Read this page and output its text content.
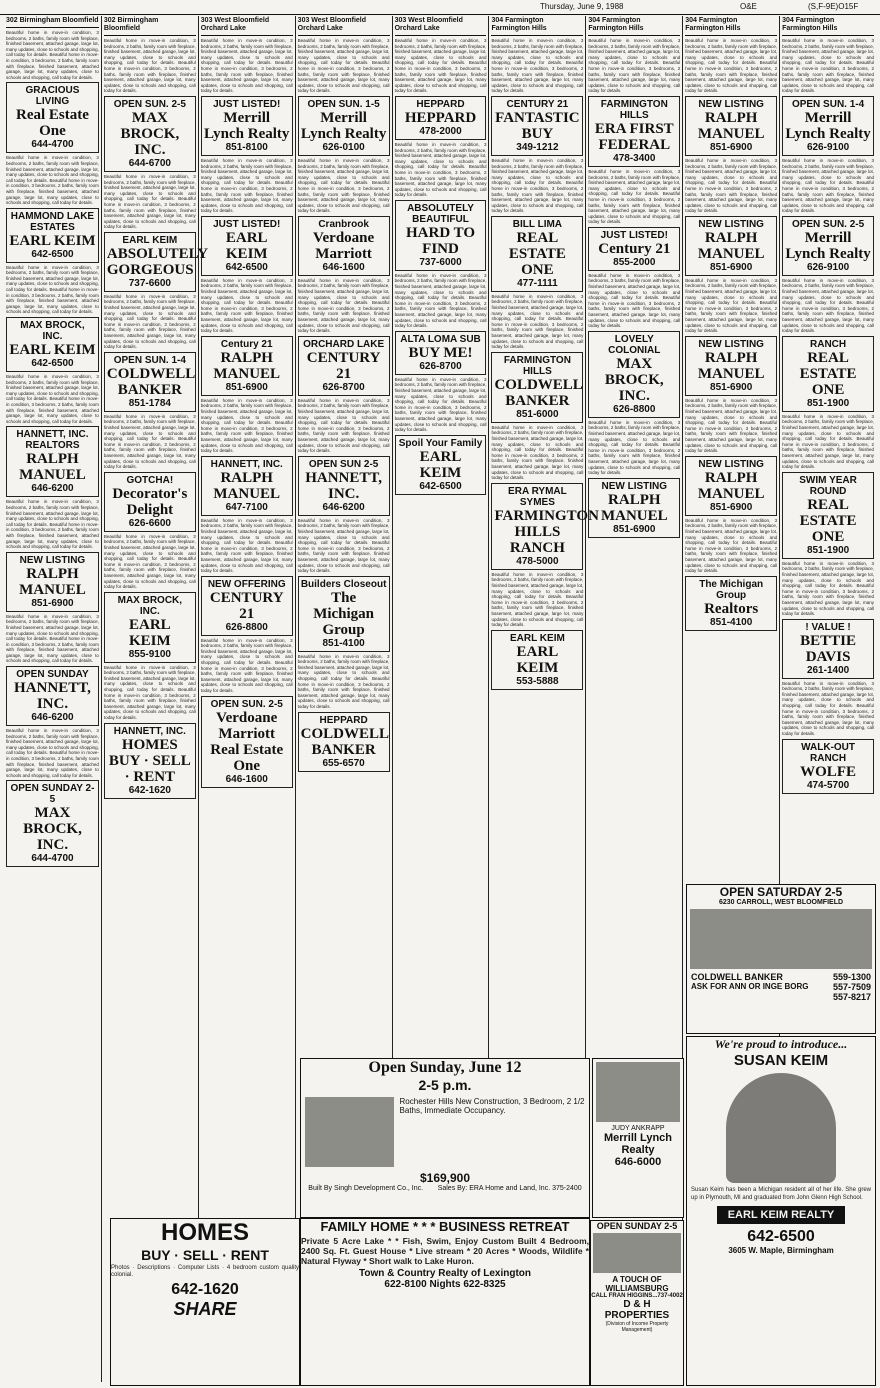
Thursday, June 9, 1988	O&E	(S,F-9E)O15F
302 Birmingham Bloomfield
Beautiful home in move-in condition, 3 bedrooms, 2 baths, family room with fireplace, finished basement, attached garage, large lot, many updates, close to schools and shopping, call today for details. Beautiful home in move-in condition, 3 bedrooms, 2 baths, family room with fireplace, finished basement, attached garage, large lot, many updates, close to schools and shopping, call today for details.
GRACIOUS LIVING
Real Estate One
644-4700
Beautiful home in move-in condition, 3 bedrooms, 2 baths, family room with fireplace, finished basement, attached garage, large lot, many updates, close to schools and shopping, call today for details. Beautiful home in move-in condition, 3 bedrooms, 2 baths, family room with fireplace, finished basement, attached garage, large lot, many updates, close to schools and shopping, call today for details.
HAMMOND LAKE ESTATES
EARL KEIM
642-6500
Beautiful home in move-in condition, 3 bedrooms, 2 baths, family room with fireplace, finished basement, attached garage, large lot, many updates, close to schools and shopping, call today for details. Beautiful home in move-in condition, 3 bedrooms, 2 baths, family room with fireplace, finished basement, attached garage, large lot, many updates, close to schools and shopping, call today for details.
MAX BROCK, INC.
EARL KEIM
642-6500
Beautiful home in move-in condition, 3 bedrooms, 2 baths, family room with fireplace, finished basement, attached garage, large lot, many updates, close to schools and shopping, call today for details. Beautiful home in move-in condition, 3 bedrooms, 2 baths, family room with fireplace, finished basement, attached garage, large lot, many updates, close to schools and shopping, call today for details.
HANNETT, INC. REALTORS
RALPH MANUEL
646-6200
Beautiful home in move-in condition, 3 bedrooms, 2 baths, family room with fireplace, finished basement, attached garage, large lot, many updates, close to schools and shopping, call today for details. Beautiful home in move-in condition, 3 bedrooms, 2 baths, family room with fireplace, finished basement, attached garage, large lot, many updates, close to schools and shopping, call today for details.
NEW LISTING
RALPH MANUEL
851-6900
Beautiful home in move-in condition, 3 bedrooms, 2 baths, family room with fireplace, finished basement, attached garage, large lot, many updates, close to schools and shopping, call today for details. Beautiful home in move-in condition, 3 bedrooms, 2 baths, family room with fireplace, finished basement, attached garage, large lot, many updates, close to schools and shopping, call today for details.
OPEN SUNDAY
HANNETT, INC.
646-6200
Beautiful home in move-in condition, 3 bedrooms, 2 baths, family room with fireplace, finished basement, attached garage, large lot, many updates, close to schools and shopping, call today for details. Beautiful home in move-in condition, 3 bedrooms, 2 baths, family room with fireplace, finished basement, attached garage, large lot, many updates, close to schools and shopping, call today for details.
OPEN SUNDAY 2-5
MAX BROCK, INC.
644-4700
302 Birmingham Bloomfield
Beautiful home in move-in condition, 3 bedrooms, 2 baths, family room with fireplace, finished basement, attached garage, large lot, many updates, close to schools and shopping, call today for details. Beautiful home in move-in condition, 3 bedrooms, 2 baths, family room with fireplace, finished basement, attached garage, large lot, many updates, close to schools and shopping, call today for details.
OPEN SUN. 2-5
MAX BROCK, INC.
644-6700
Beautiful home in move-in condition, 3 bedrooms, 2 baths, family room with fireplace, finished basement, attached garage, large lot, many updates, close to schools and shopping, call today for details. Beautiful home in move-in condition, 3 bedrooms, 2 baths, family room with fireplace, finished basement, attached garage, large lot, many updates, close to schools and shopping, call today for details.
EARL KEIM
ABSOLUTELY GORGEOUS
737-6600
Beautiful home in move-in condition, 3 bedrooms, 2 baths, family room with fireplace, finished basement, attached garage, large lot, many updates, close to schools and shopping, call today for details. Beautiful home in move-in condition, 3 bedrooms, 2 baths, family room with fireplace, finished basement, attached garage, large lot, many updates, close to schools and shopping, call today for details.
OPEN SUN. 1-4
COLDWELL BANKER
851-1784
Beautiful home in move-in condition, 3 bedrooms, 2 baths, family room with fireplace, finished basement, attached garage, large lot, many updates, close to schools and shopping, call today for details. Beautiful home in move-in condition, 3 bedrooms, 2 baths, family room with fireplace, finished basement, attached garage, large lot, many updates, close to schools and shopping, call today for details.
GOTCHA!
Decorator's Delight
626-6600
Beautiful home in move-in condition, 3 bedrooms, 2 baths, family room with fireplace, finished basement, attached garage, large lot, many updates, close to schools and shopping, call today for details. Beautiful home in move-in condition, 3 bedrooms, 2 baths, family room with fireplace, finished basement, attached garage, large lot, many updates, close to schools and shopping, call today for details.
MAX BROCK, INC.
EARL KEIM
855-9100
Beautiful home in move-in condition, 3 bedrooms, 2 baths, family room with fireplace, finished basement, attached garage, large lot, many updates, close to schools and shopping, call today for details. Beautiful home in move-in condition, 3 bedrooms, 2 baths, family room with fireplace, finished basement, attached garage, large lot, many updates, close to schools and shopping, call today for details.
HANNETT, INC.
HOMES BUY · SELL · RENT
642-1620
303 West Bloomfield Orchard Lake
Beautiful home in move-in condition, 3 bedrooms, 2 baths, family room with fireplace, finished basement, attached garage, large lot, many updates, close to schools and shopping, call today for details. Beautiful home in move-in condition, 3 bedrooms, 2 baths, family room with fireplace, finished basement, attached garage, large lot, many updates, close to schools and shopping, call today for details.
JUST LISTED!
Merrill Lynch Realty
851-8100
Beautiful home in move-in condition, 3 bedrooms, 2 baths, family room with fireplace, finished basement, attached garage, large lot, many updates, close to schools and shopping, call today for details. Beautiful home in move-in condition, 3 bedrooms, 2 baths, family room with fireplace, finished basement, attached garage, large lot, many updates, close to schools and shopping, call today for details.
JUST LISTED!
EARL KEIM
642-6500
Beautiful home in move-in condition, 3 bedrooms, 2 baths, family room with fireplace, finished basement, attached garage, large lot, many updates, close to schools and shopping, call today for details. Beautiful home in move-in condition, 3 bedrooms, 2 baths, family room with fireplace, finished basement, attached garage, large lot, many updates, close to schools and shopping, call today for details.
Century 21
RALPH MANUEL
851-6900
Beautiful home in move-in condition, 3 bedrooms, 2 baths, family room with fireplace, finished basement, attached garage, large lot, many updates, close to schools and shopping, call today for details. Beautiful home in move-in condition, 3 bedrooms, 2 baths, family room with fireplace, finished basement, attached garage, large lot, many updates, close to schools and shopping, call today for details.
HANNETT, INC.
RALPH MANUEL
647-7100
Beautiful home in move-in condition, 3 bedrooms, 2 baths, family room with fireplace, finished basement, attached garage, large lot, many updates, close to schools and shopping, call today for details. Beautiful home in move-in condition, 3 bedrooms, 2 baths, family room with fireplace, finished basement, attached garage, large lot, many updates, close to schools and shopping, call today for details.
NEW OFFERING
CENTURY 21
626-8800
Beautiful home in move-in condition, 3 bedrooms, 2 baths, family room with fireplace, finished basement, attached garage, large lot, many updates, close to schools and shopping, call today for details. Beautiful home in move-in condition, 3 bedrooms, 2 baths, family room with fireplace, finished basement, attached garage, large lot, many updates, close to schools and shopping, call today for details.
OPEN SUN. 2-5
Verdoane Marriott Real Estate One
646-1600
303 West Bloomfield Orchard Lake
Beautiful home in move-in condition, 3 bedrooms, 2 baths, family room with fireplace, finished basement, attached garage, large lot, many updates, close to schools and shopping, call today for details. Beautiful home in move-in condition, 3 bedrooms, 2 baths, family room with fireplace, finished basement, attached garage, large lot, many updates, close to schools and shopping, call today for details.
OPEN SUN. 1-5
Merrill Lynch Realty
626-0100
Beautiful home in move-in condition, 3 bedrooms, 2 baths, family room with fireplace, finished basement, attached garage, large lot, many updates, close to schools and shopping, call today for details. Beautiful home in move-in condition, 3 bedrooms, 2 baths, family room with fireplace, finished basement, attached garage, large lot, many updates, close to schools and shopping, call today for details.
Cranbrook
Verdoane Marriott
646-1600
Beautiful home in move-in condition, 3 bedrooms, 2 baths, family room with fireplace, finished basement, attached garage, large lot, many updates, close to schools and shopping, call today for details. Beautiful home in move-in condition, 3 bedrooms, 2 baths, family room with fireplace, finished basement, attached garage, large lot, many updates, close to schools and shopping, call today for details.
ORCHARD LAKE
CENTURY 21
626-8700
Beautiful home in move-in condition, 3 bedrooms, 2 baths, family room with fireplace, finished basement, attached garage, large lot, many updates, close to schools and shopping, call today for details. Beautiful home in move-in condition, 3 bedrooms, 2 baths, family room with fireplace, finished basement, attached garage, large lot, many updates, close to schools and shopping, call today for details.
OPEN SUN 2-5
HANNETT, INC.
646-6200
Beautiful home in move-in condition, 3 bedrooms, 2 baths, family room with fireplace, finished basement, attached garage, large lot, many updates, close to schools and shopping, call today for details. Beautiful home in move-in condition, 3 bedrooms, 2 baths, family room with fireplace, finished basement, attached garage, large lot, many updates, close to schools and shopping, call today for details.
Builders Closeout
The Michigan Group
851-4100
Beautiful home in move-in condition, 3 bedrooms, 2 baths, family room with fireplace, finished basement, attached garage, large lot, many updates, close to schools and shopping, call today for details. Beautiful home in move-in condition, 3 bedrooms, 2 baths, family room with fireplace, finished basement, attached garage, large lot, many updates, close to schools and shopping, call today for details.
HEPPARD
COLDWELL BANKER
655-6570
303 West Bloomfield Orchard Lake
Beautiful home in move-in condition, 3 bedrooms, 2 baths, family room with fireplace, finished basement, attached garage, large lot, many updates, close to schools and shopping, call today for details. Beautiful home in move-in condition, 3 bedrooms, 2 baths, family room with fireplace, finished basement, attached garage, large lot, many updates, close to schools and shopping, call today for details.
HEPPARD
HEPPARD
478-2000
Beautiful home in move-in condition, 3 bedrooms, 2 baths, family room with fireplace, finished basement, attached garage, large lot, many updates, close to schools and shopping, call today for details. Beautiful home in move-in condition, 3 bedrooms, 2 baths, family room with fireplace, finished basement, attached garage, large lot, many updates, close to schools and shopping, call today for details.
ABSOLUTELY BEAUTIFUL
HARD TO FIND
737-6000
Beautiful home in move-in condition, 3 bedrooms, 2 baths, family room with fireplace, finished basement, attached garage, large lot, many updates, close to schools and shopping, call today for details. Beautiful home in move-in condition, 3 bedrooms, 2 baths, family room with fireplace, finished basement, attached garage, large lot, many updates, close to schools and shopping, call today for details.
ALTA LOMA SUB
BUY ME!
626-8700
Beautiful home in move-in condition, 3 bedrooms, 2 baths, family room with fireplace, finished basement, attached garage, large lot, many updates, close to schools and shopping, call today for details. Beautiful home in move-in condition, 3 bedrooms, 2 baths, family room with fireplace, finished basement, attached garage, large lot, many updates, close to schools and shopping, call today for details.
Spoil Your Family
EARL KEIM
642-6500
304 Farmington Farmington Hills
Beautiful home in move-in condition, 3 bedrooms, 2 baths, family room with fireplace, finished basement, attached garage, large lot, many updates, close to schools and shopping, call today for details. Beautiful home in move-in condition, 3 bedrooms, 2 baths, family room with fireplace, finished basement, attached garage, large lot, many updates, close to schools and shopping, call today for details.
CENTURY 21
FANTASTIC BUY
349-1212
Beautiful home in move-in condition, 3 bedrooms, 2 baths, family room with fireplace, finished basement, attached garage, large lot, many updates, close to schools and shopping, call today for details. Beautiful home in move-in condition, 3 bedrooms, 2 baths, family room with fireplace, finished basement, attached garage, large lot, many updates, close to schools and shopping, call today for details.
BILL LIMA
REAL ESTATE ONE
477-1111
Beautiful home in move-in condition, 3 bedrooms, 2 baths, family room with fireplace, finished basement, attached garage, large lot, many updates, close to schools and shopping, call today for details. Beautiful home in move-in condition, 3 bedrooms, 2 baths, family room with fireplace, finished basement, attached garage, large lot, many updates, close to schools and shopping, call today for details.
FARMINGTON HILLS
COLDWELL BANKER
851-6000
Beautiful home in move-in condition, 3 bedrooms, 2 baths, family room with fireplace, finished basement, attached garage, large lot, many updates, close to schools and shopping, call today for details. Beautiful home in move-in condition, 3 bedrooms, 2 baths, family room with fireplace, finished basement, attached garage, large lot, many updates, close to schools and shopping, call today for details.
ERA RYMAL SYMES
FARMINGTON HILLS RANCH
478-5000
Beautiful home in move-in condition, 3 bedrooms, 2 baths, family room with fireplace, finished basement, attached garage, large lot, many updates, close to schools and shopping, call today for details. Beautiful home in move-in condition, 3 bedrooms, 2 baths, family room with fireplace, finished basement, attached garage, large lot, many updates, close to schools and shopping, call today for details.
EARL KEIM
EARL KEIM
553-5888
304 Farmington Farmington Hills
Beautiful home in move-in condition, 3 bedrooms, 2 baths, family room with fireplace, finished basement, attached garage, large lot, many updates, close to schools and shopping, call today for details. Beautiful home in move-in condition, 3 bedrooms, 2 baths, family room with fireplace, finished basement, attached garage, large lot, many updates, close to schools and shopping, call today for details.
FARMINGTON HILLS
ERA FIRST FEDERAL
478-3400
Beautiful home in move-in condition, 3 bedrooms, 2 baths, family room with fireplace, finished basement, attached garage, large lot, many updates, close to schools and shopping, call today for details. Beautiful home in move-in condition, 3 bedrooms, 2 baths, family room with fireplace, finished basement, attached garage, large lot, many updates, close to schools and shopping, call today for details.
JUST LISTED!
Century 21
855-2000
Beautiful home in move-in condition, 3 bedrooms, 2 baths, family room with fireplace, finished basement, attached garage, large lot, many updates, close to schools and shopping, call today for details. Beautiful home in move-in condition, 3 bedrooms, 2 baths, family room with fireplace, finished basement, attached garage, large lot, many updates, close to schools and shopping, call today for details.
LOVELY COLONIAL
MAX BROCK, INC.
626-8800
Beautiful home in move-in condition, 3 bedrooms, 2 baths, family room with fireplace, finished basement, attached garage, large lot, many updates, close to schools and shopping, call today for details. Beautiful home in move-in condition, 3 bedrooms, 2 baths, family room with fireplace, finished basement, attached garage, large lot, many updates, close to schools and shopping, call today for details.
NEW LISTING
RALPH MANUEL
851-6900
304 Farmington Farmington Hills
Beautiful home in move-in condition, 3 bedrooms, 2 baths, family room with fireplace, finished basement, attached garage, large lot, many updates, close to schools and shopping, call today for details. Beautiful home in move-in condition, 3 bedrooms, 2 baths, family room with fireplace, finished basement, attached garage, large lot, many updates, close to schools and shopping, call today for details.
NEW LISTING
RALPH MANUEL
851-6900
Beautiful home in move-in condition, 3 bedrooms, 2 baths, family room with fireplace, finished basement, attached garage, large lot, many updates, close to schools and shopping, call today for details. Beautiful home in move-in condition, 3 bedrooms, 2 baths, family room with fireplace, finished basement, attached garage, large lot, many updates, close to schools and shopping, call today for details.
NEW LISTING
RALPH MANUEL
851-6900
Beautiful home in move-in condition, 3 bedrooms, 2 baths, family room with fireplace, finished basement, attached garage, large lot, many updates, close to schools and shopping, call today for details. Beautiful home in move-in condition, 3 bedrooms, 2 baths, family room with fireplace, finished basement, attached garage, large lot, many updates, close to schools and shopping, call today for details.
NEW LISTING
RALPH MANUEL
851-6900
Beautiful home in move-in condition, 3 bedrooms, 2 baths, family room with fireplace, finished basement, attached garage, large lot, many updates, close to schools and shopping, call today for details. Beautiful home in move-in condition, 3 bedrooms, 2 baths, family room with fireplace, finished basement, attached garage, large lot, many updates, close to schools and shopping, call today for details.
NEW LISTING
RALPH MANUEL
851-6900
Beautiful home in move-in condition, 3 bedrooms, 2 baths, family room with fireplace, finished basement, attached garage, large lot, many updates, close to schools and shopping, call today for details. Beautiful home in move-in condition, 3 bedrooms, 2 baths, family room with fireplace, finished basement, attached garage, large lot, many updates, close to schools and shopping, call today for details.
The Michigan Group
Realtors
851-4100
304 Farmington Farmington Hills
Beautiful home in move-in condition, 3 bedrooms, 2 baths, family room with fireplace, finished basement, attached garage, large lot, many updates, close to schools and shopping, call today for details. Beautiful home in move-in condition, 3 bedrooms, 2 baths, family room with fireplace, finished basement, attached garage, large lot, many updates, close to schools and shopping, call today for details.
OPEN SUN. 1-4
Merrill Lynch Realty
626-9100
Beautiful home in move-in condition, 3 bedrooms, 2 baths, family room with fireplace, finished basement, attached garage, large lot, many updates, close to schools and shopping, call today for details. Beautiful home in move-in condition, 3 bedrooms, 2 baths, family room with fireplace, finished basement, attached garage, large lot, many updates, close to schools and shopping, call today for details.
OPEN SUN. 2-5
Merrill Lynch Realty
626-9100
Beautiful home in move-in condition, 3 bedrooms, 2 baths, family room with fireplace, finished basement, attached garage, large lot, many updates, close to schools and shopping, call today for details. Beautiful home in move-in condition, 3 bedrooms, 2 baths, family room with fireplace, finished basement, attached garage, large lot, many updates, close to schools and shopping, call today for details.
RANCH
REAL ESTATE ONE
851-1900
Beautiful home in move-in condition, 3 bedrooms, 2 baths, family room with fireplace, finished basement, attached garage, large lot, many updates, close to schools and shopping, call today for details. Beautiful home in move-in condition, 3 bedrooms, 2 baths, family room with fireplace, finished basement, attached garage, large lot, many updates, close to schools and shopping, call today for details.
SWIM YEAR ROUND
REAL ESTATE ONE
851-1900
Beautiful home in move-in condition, 3 bedrooms, 2 baths, family room with fireplace, finished basement, attached garage, large lot, many updates, close to schools and shopping, call today for details. Beautiful home in move-in condition, 3 bedrooms, 2 baths, family room with fireplace, finished basement, attached garage, large lot, many updates, close to schools and shopping, call today for details.
! VALUE !
BETTIE DAVIS
261-1400
Beautiful home in move-in condition, 3 bedrooms, 2 baths, family room with fireplace, finished basement, attached garage, large lot, many updates, close to schools and shopping, call today for details. Beautiful home in move-in condition, 3 bedrooms, 2 baths, family room with fireplace, finished basement, attached garage, large lot, many updates, close to schools and shopping, call today for details.
WALK-OUT RANCH
WOLFE
474-5700
Open Sunday, June 12
2-5 p.m.
Rochester Hills New Construction, 3 Bedroom, 2 1/2 Baths, Immediate Occupancy.
$169,900
Built By Singh Development Co., Inc. Sales By: ERA Home and Land, Inc. 375-2400
JUDY ANKRAPP
Merrill Lynch Realty
646-6000
HOMES
BUY · SELL · RENT
Photos · Descriptions · Computer Lists · 4 bedroom custom quality colonial.
642-1620
SHARE
FAMILY HOME * * * BUSINESS RETREAT
Private 5 Acre Lake * * Fish, Swim, Enjoy Custom Built 4 Bedroom, 2400 Sq. Ft. Guest House * Live stream * 20 Acres * Woods, Wildlife * Natural Flyway * Short walk to Lake Huron.
Town & Country Realty of Lexington
622-8100 Nights 622-8325
OPEN SUNDAY 2-5
A TOUCH OF WILLIAMSBURG
CALL FRAN HIGGINS...737-4002
D & H PROPERTIES
(Division of Income Property Management)
OPEN SATURDAY 2-5
6230 CARROLL, WEST BLOOMFIELD
COLDWELL BANKER
ASK FOR ANN OR INGE BORG
559-1300
557-7509
557-8217
We're proud to introduce...
SUSAN KEIM
Susan Keim has been a Michigan resident all of her life. She grew up in Plymouth, MI and graduated from John Glenn High School.
EARL KEIM REALTY
642-6500
3605 W. Maple, Birmingham
